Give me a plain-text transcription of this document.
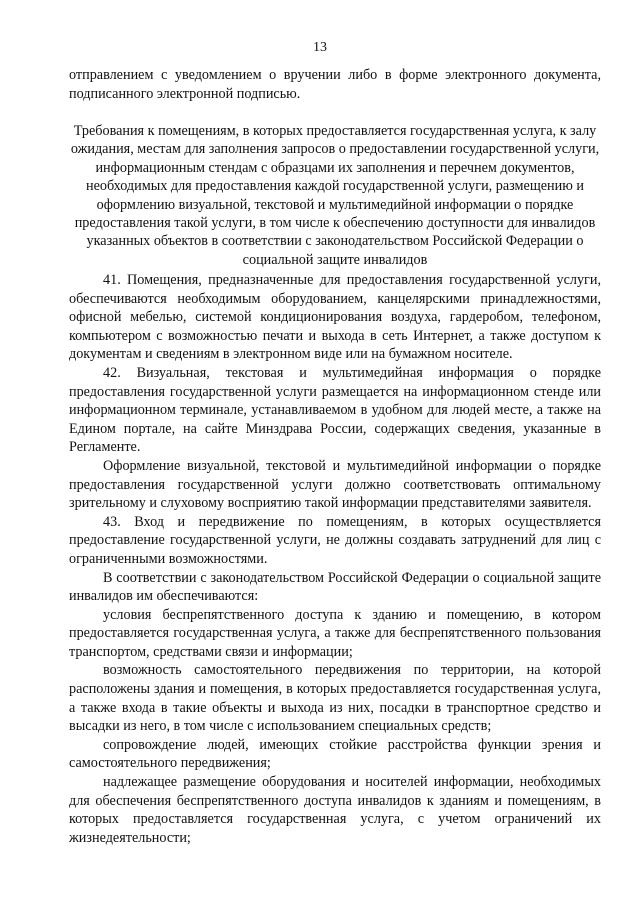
13

отправлением с уведомлением о вручении либо в форме электронного документа, подписанного электронной подписью.

Требования к помещениям, в которых предоставляется государственная услуга, к залу ожидания, местам для заполнения запросов о предоставлении государственной услуги, информационным стендам с образцами их заполнения и перечнем документов, необходимых для предоставления каждой государственной услуги, размещению и оформлению визуальной, текстовой и мультимедийной информации о порядке предоставления такой услуги, в том числе к обеспечению доступности для инвалидов указанных объектов в соответствии с законодательством Российской Федерации о социальной защите инвалидов

41. Помещения, предназначенные для предоставления государственной услуги, обеспечиваются необходимым оборудованием, канцелярскими принадлежностями, офисной мебелью, системой кондиционирования воздуха, гардеробом, телефоном, компьютером с возможностью печати и выхода в сеть Интернет, а также доступом к документам и сведениям в электронном виде или на бумажном носителе.

42. Визуальная, текстовая и мультимедийная информация о порядке предоставления государственной услуги размещается на информационном стенде или информационном терминале, устанавливаемом в удобном для людей месте, а также на Едином портале, на сайте Минздрава России, содержащих сведения, указанные в Регламенте.

Оформление визуальной, текстовой и мультимедийной информации о порядке предоставления государственной услуги должно соответствовать оптимальному зрительному и слуховому восприятию такой информации представителями заявителя.

43. Вход и передвижение по помещениям, в которых осуществляется предоставление государственной услуги, не должны создавать затруднений для лиц с ограниченными возможностями.

В соответствии с законодательством Российской Федерации о социальной защите инвалидов им обеспечиваются:

условия беспрепятственного доступа к зданию и помещению, в котором предоставляется государственная услуга, а также для беспрепятственного пользования транспортом, средствами связи и информации;

возможность самостоятельного передвижения по территории, на которой расположены здания и помещения, в которых предоставляется государственная услуга, а также входа в такие объекты и выхода из них, посадки в транспортное средство и высадки из него, в том числе с использованием специальных средств;

сопровождение людей, имеющих стойкие расстройства функции зрения и самостоятельного передвижения;

надлежащее размещение оборудования и носителей информации, необходимых для обеспечения беспрепятственного доступа инвалидов к зданиям и помещениям, в которых предоставляется государственная услуга, с учетом ограничений их жизнедеятельности;
